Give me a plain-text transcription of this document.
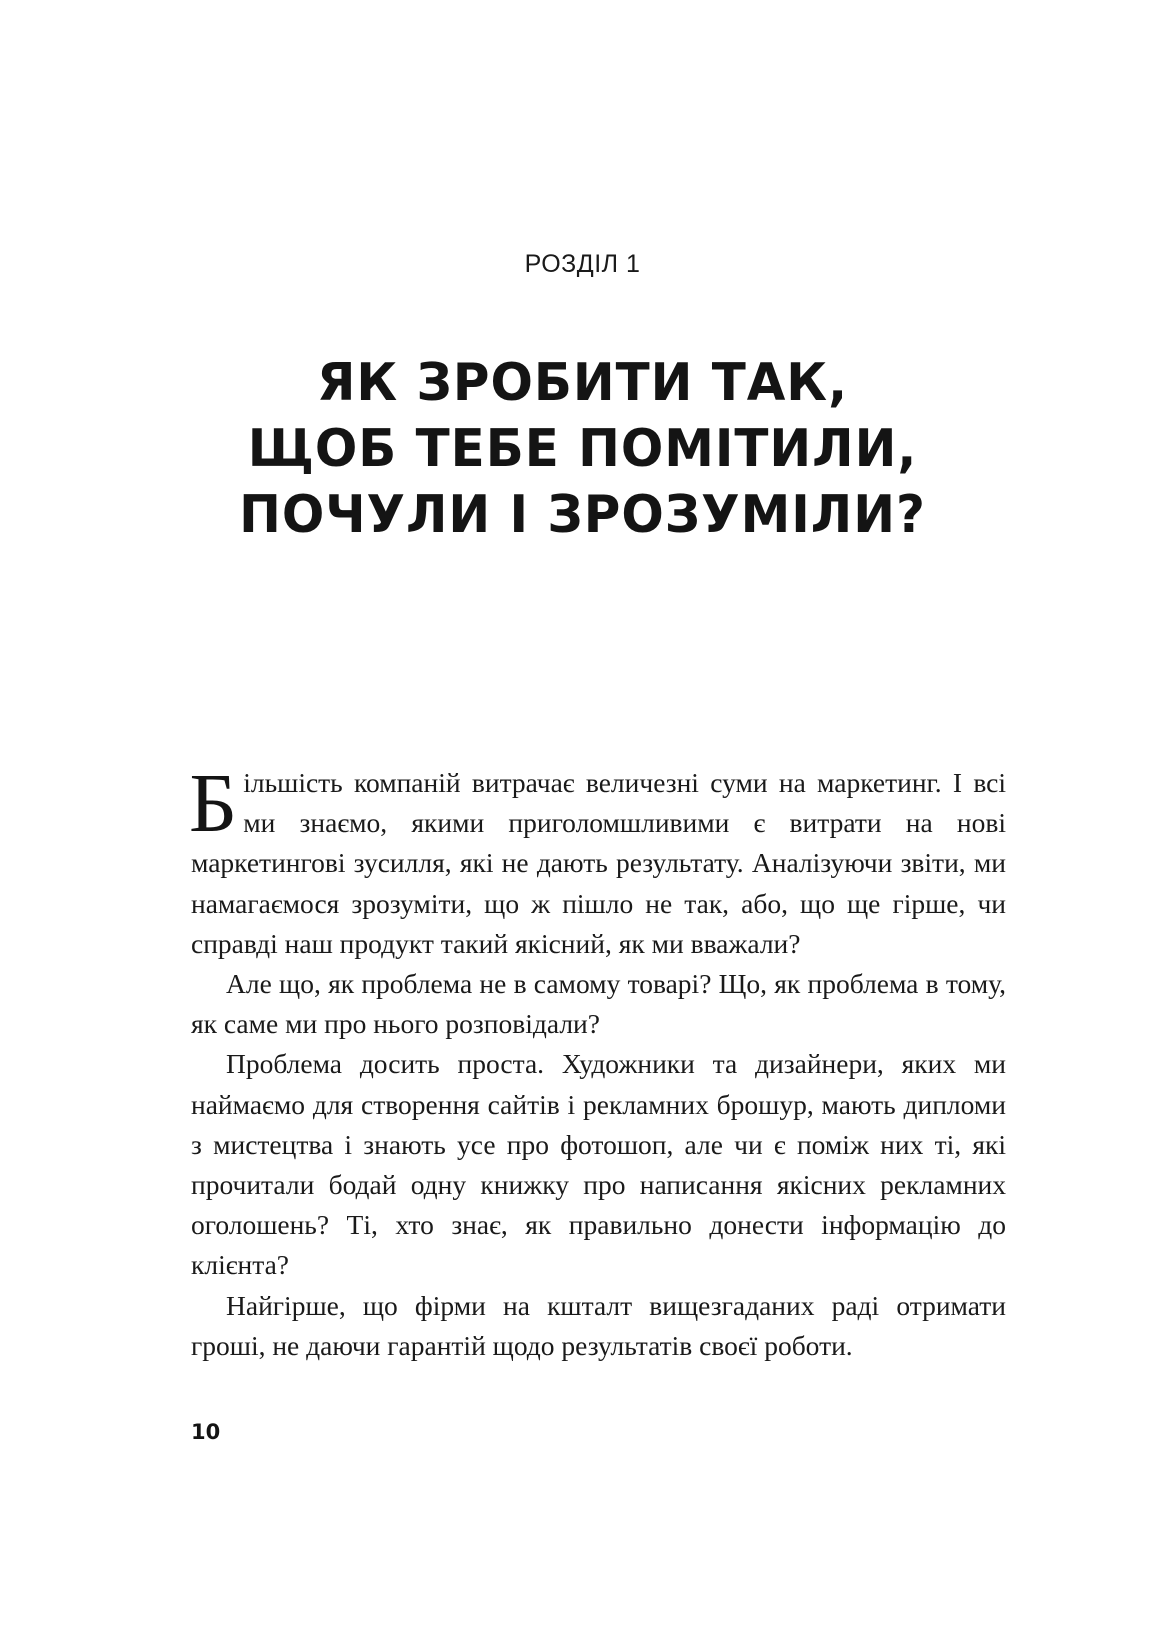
РОЗДІЛ 1
ЯК ЗРОБИТИ ТАК,
ЩОБ ТЕБЕ ПОМІТИЛИ,
ПОЧУЛИ І ЗРОЗУМІЛИ?

Більшість компаній витрачає величезні суми на маркетинг. І всі ми знаємо, якими приголомшливими є витрати на нові маркетингові зусилля, які не дають результату. Аналізуючи звіти, ми намагаємося зрозуміти, що ж пішло не так, або, що ще гірше, чи справді наш продукт такий якісний, як ми вважали?

Але що, як проблема не в самому товарі? Що, як проблема в тому, як саме ми про нього розповідали?

Проблема досить проста. Художники та дизайнери, яких ми наймаємо для створення сайтів і рекламних брошур, мають дипломи з мистецтва і знають усе про фотошоп, але чи є поміж них ті, які прочитали бодай одну книжку про написання якісних рекламних оголошень? Ті, хто знає, як правильно донести інформацію до клієнта?

Найгірше, що фірми на кшталт вищезгаданих раді отримати гроші, не даючи гарантій щодо результатів своєї роботи.

10
